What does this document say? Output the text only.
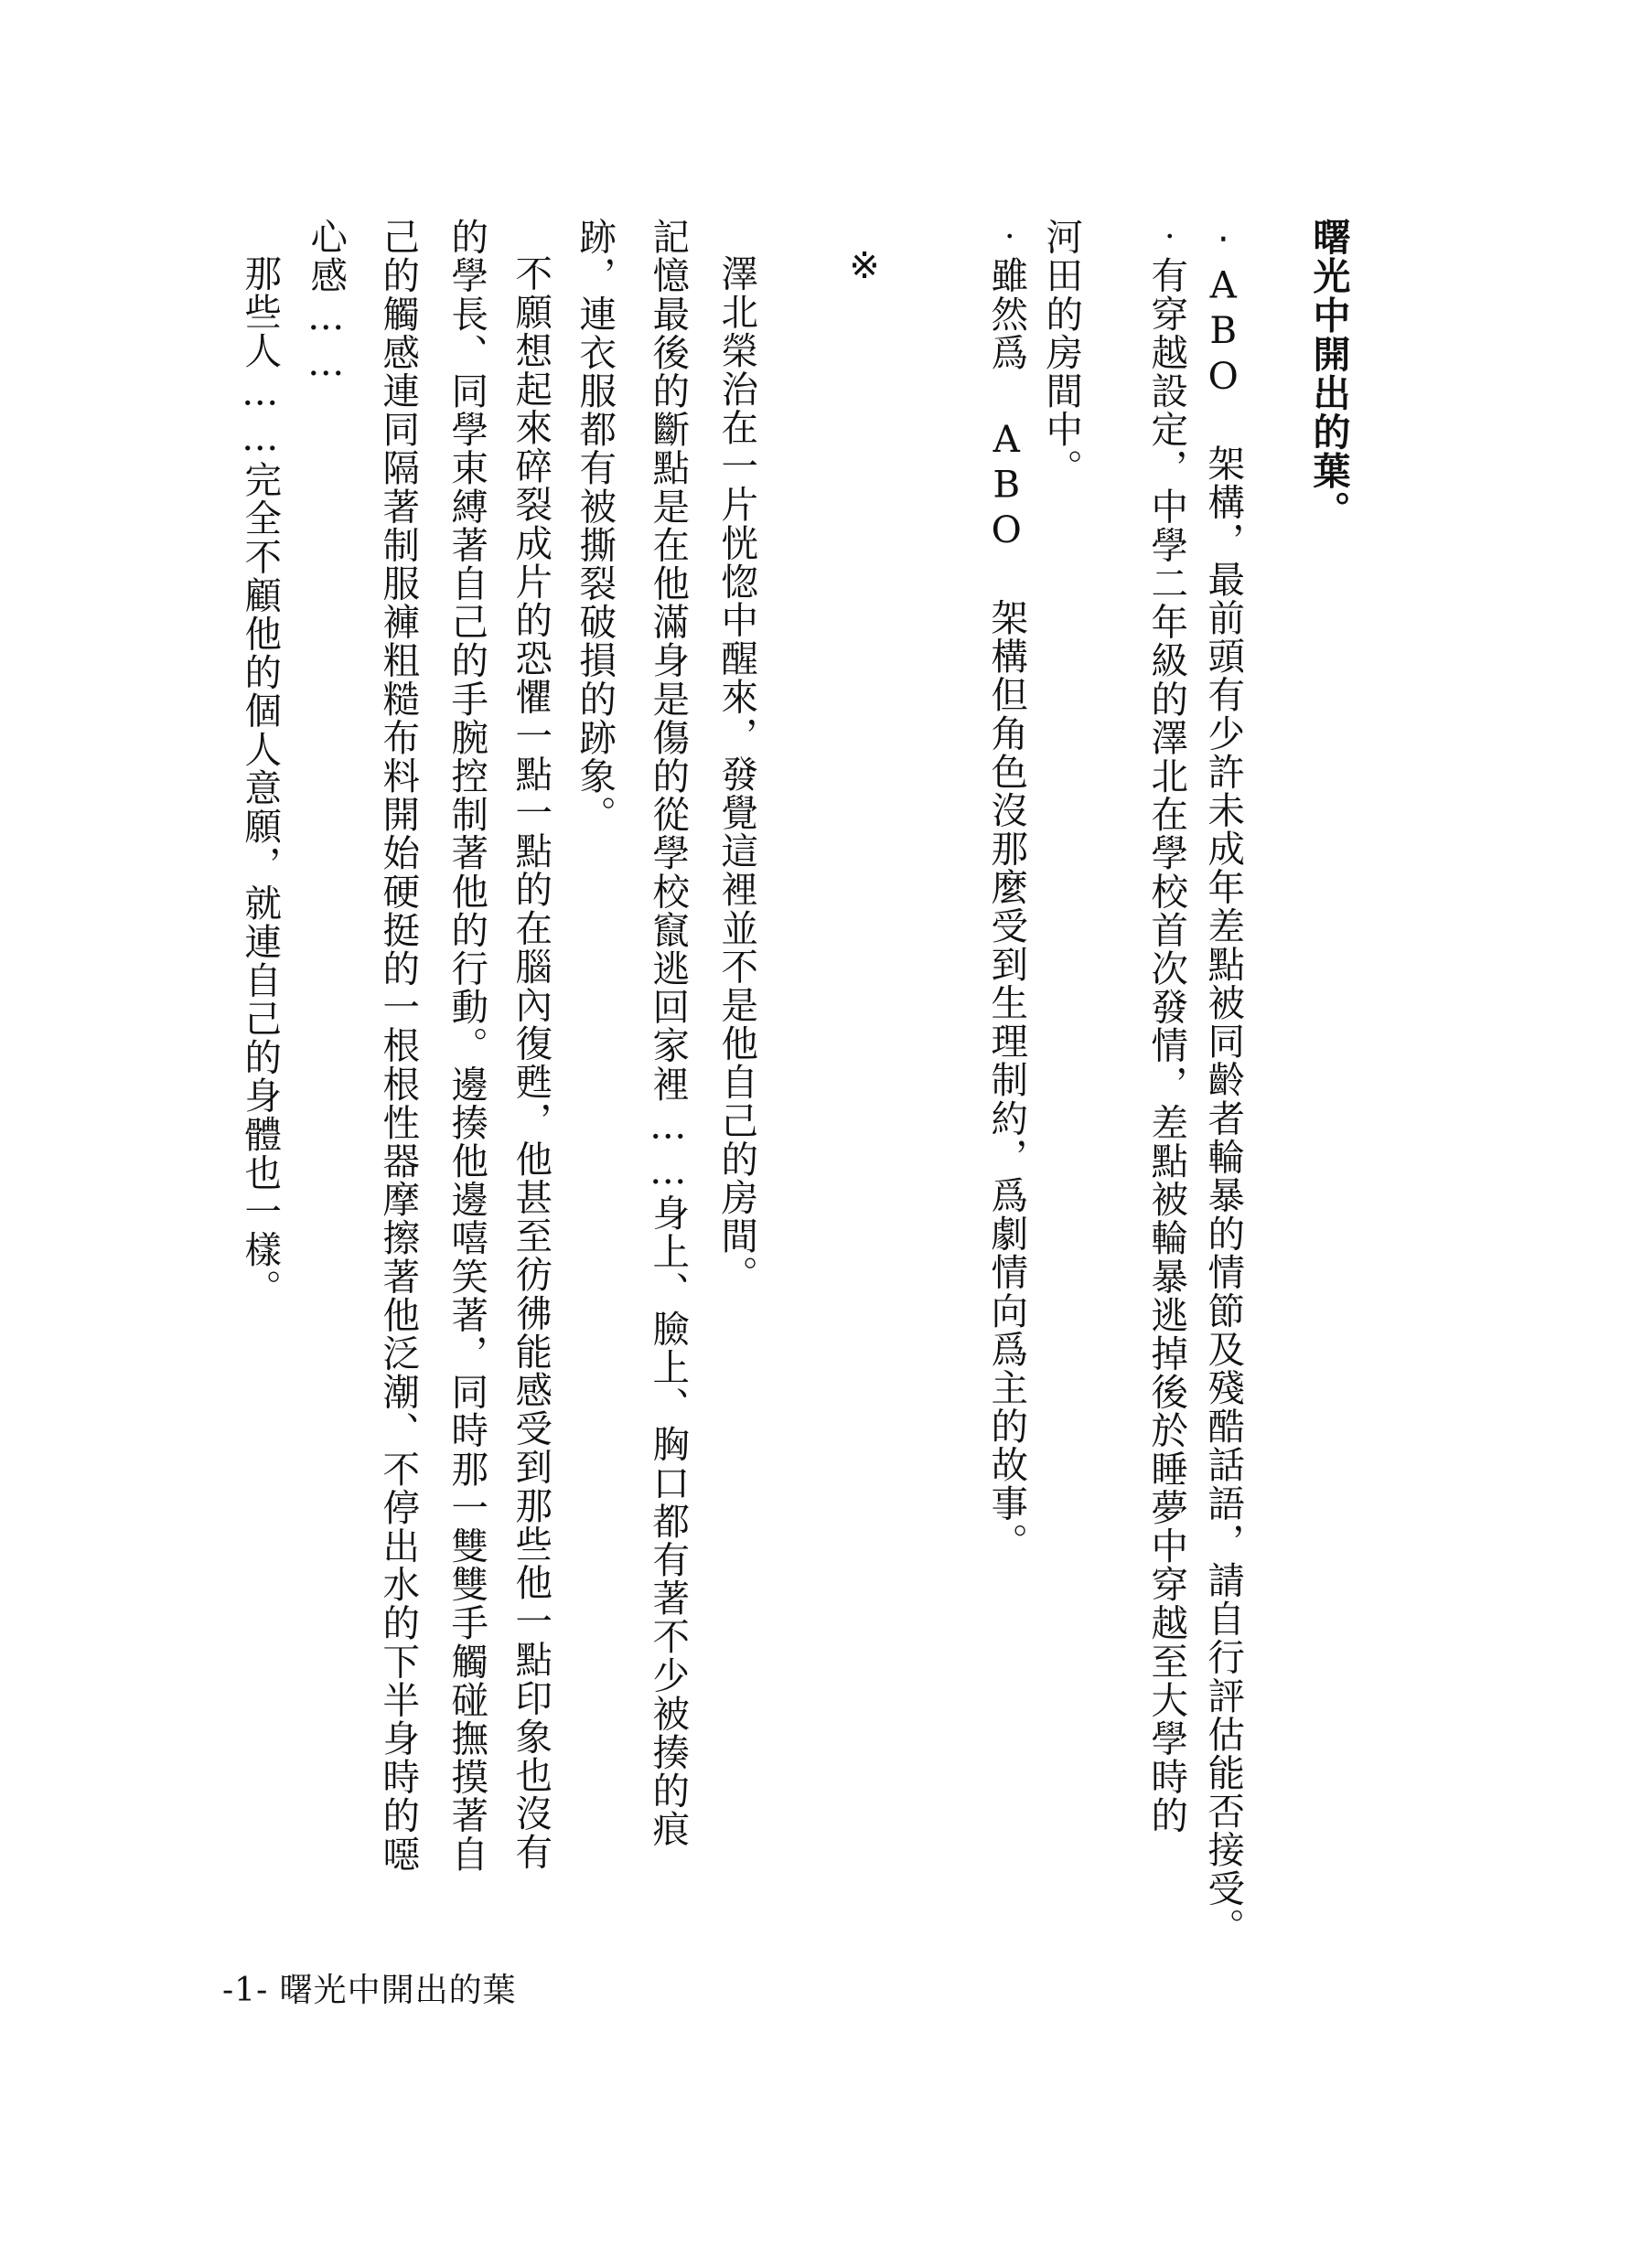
曙光中開出的葉。
‧ABO 架構，最前頭有少許未成年差點被同齡者輪暴的情節及殘酷話語，請自行評估能否接受。
‧有穿越設定，中學二年級的澤北在學校首次發情，差點被輪暴逃掉後於睡夢中穿越至大學時的
河田的房間中。
‧雖然爲 ABO 架構但角色沒那麼受到生理制約，爲劇情向爲主的故事。
※
澤北榮治在一片恍惚中醒來，發覺這裡並不是他自己的房間。
記憶最後的斷點是在他滿身是傷的從學校竄逃回家裡……身上、臉上、胸口都有著不少被揍的痕
跡，連衣服都有被撕裂破損的跡象。
不願想起來碎裂成片的恐懼一點一點的在腦內復甦，他甚至彷彿能感受到那些他一點印象也沒有
的學長、同學束縛著自己的手腕控制著他的行動。邊揍他邊嘻笑著，同時那一雙雙手觸碰撫摸著自
己的觸感連同隔著制服褲粗糙布料開始硬挺的一根根性器摩擦著他泛潮、不停出水的下半身時的噁
心感……
那些人……完全不顧他的個人意願，就連自己的身體也一樣。
-1- 曙光中開出的葉
